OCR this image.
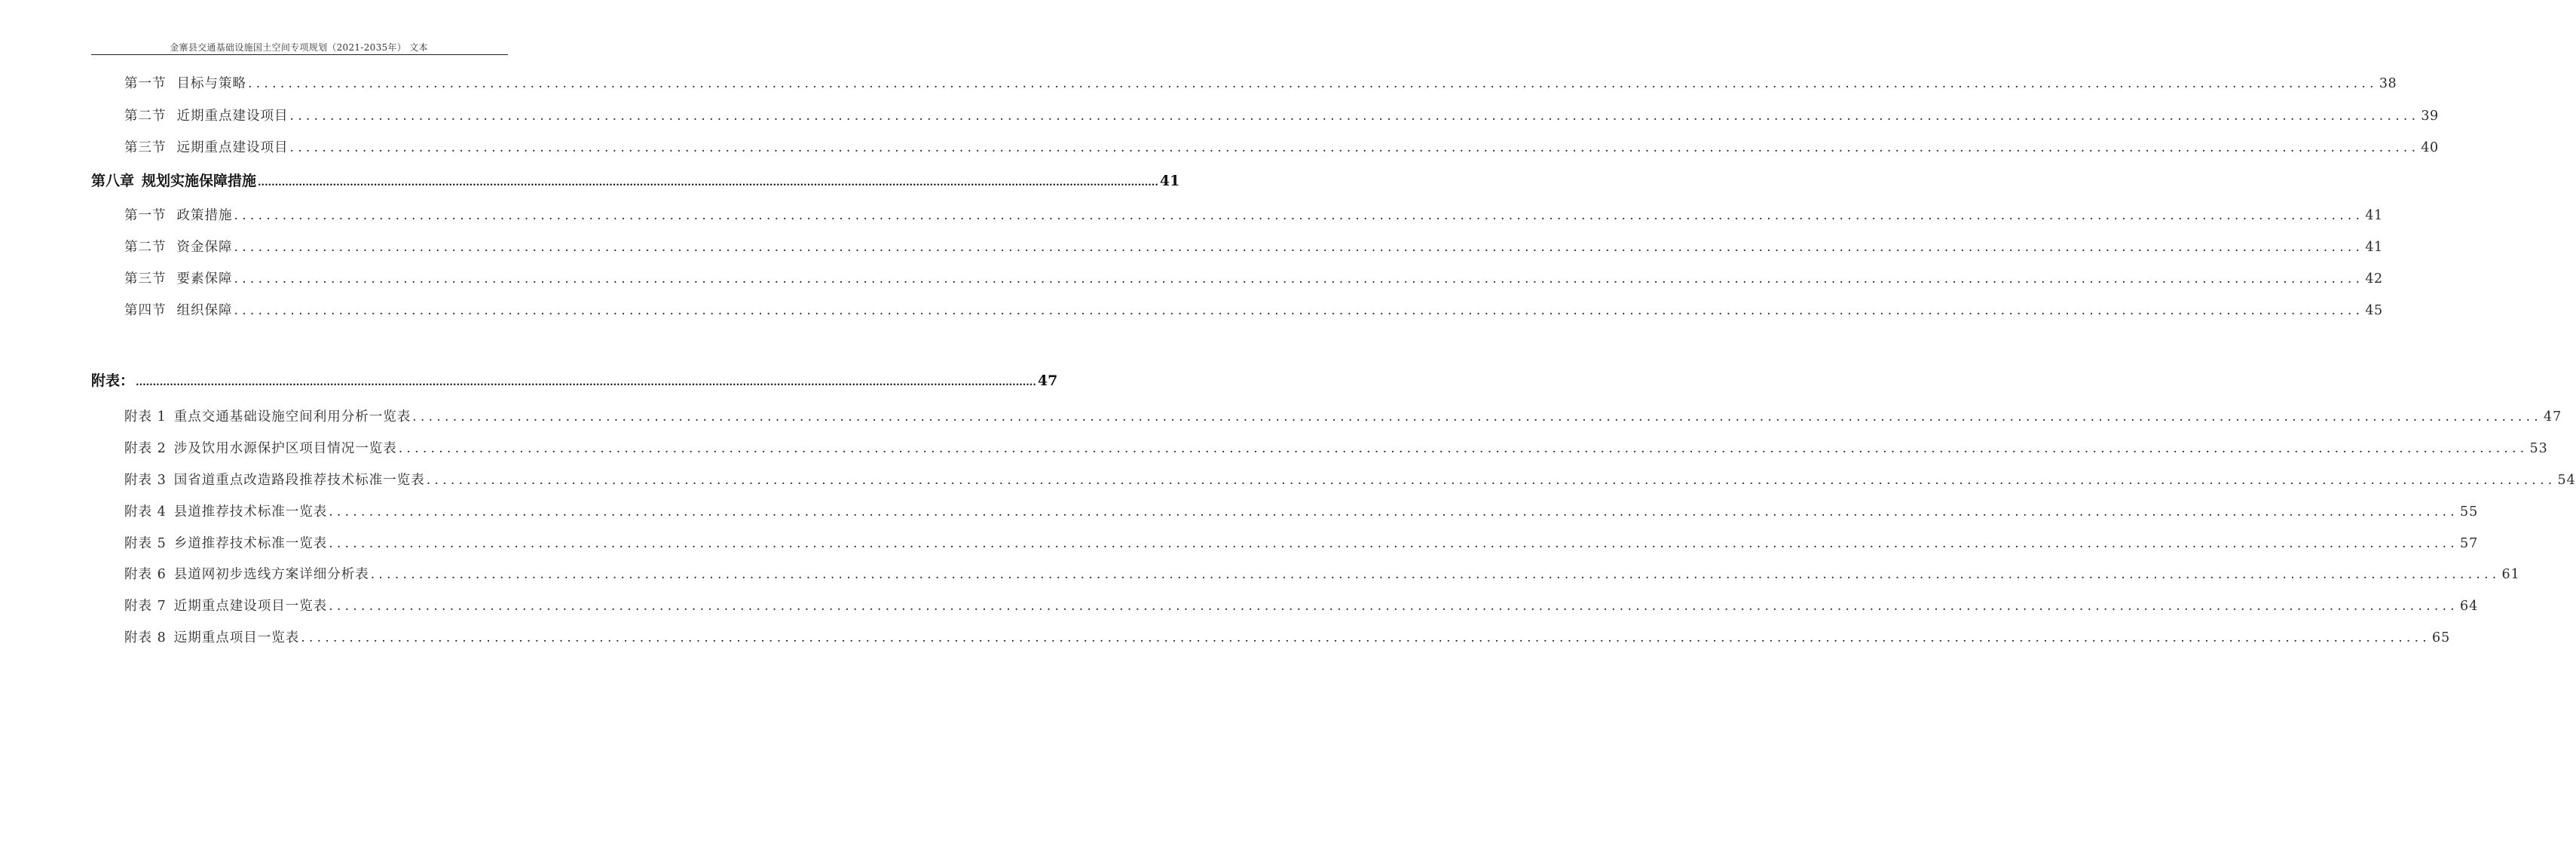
金寨县交通基础设施国土空间专项规划（2021-2035年） 文本
第一节 目标与策略 ........................................................................................................................................................................................................................................................................ 38
第二节 近期重点建设项目 ........................................................................................................................................................................................................................................................................ 39
第三节 远期重点建设项目 ........................................................................................................................................................................................................................................................................ 40
第八章 规划实施保障措施 ........................................................................................................................................................................................................................................................................ 41
第一节 政策措施 ........................................................................................................................................................................................................................................................................ 41
第二节 资金保障 ........................................................................................................................................................................................................................................................................ 41
第三节 要素保障 ........................................................................................................................................................................................................................................................................ 42
第四节 组织保障 ........................................................................................................................................................................................................................................................................ 45
附表： ........................................................................................................................................................................................................................................................................ 47
附表 1 重点交通基础设施空间利用分析一览表 ........................................................................................................................................................................................................................................................................ 47
附表 2 涉及饮用水源保护区项目情况一览表 ........................................................................................................................................................................................................................................................................ 53
附表 3 国省道重点改造路段推荐技术标准一览表 ........................................................................................................................................................................................................................................................................ 54
附表 4 县道推荐技术标准一览表 ........................................................................................................................................................................................................................................................................ 55
附表 5 乡道推荐技术标准一览表 ........................................................................................................................................................................................................................................................................ 57
附表 6 县道网初步选线方案详细分析表 ........................................................................................................................................................................................................................................................................ 61
附表 7 近期重点建设项目一览表 ........................................................................................................................................................................................................................................................................ 64
附表 8 远期重点项目一览表 ........................................................................................................................................................................................................................................................................ 65
